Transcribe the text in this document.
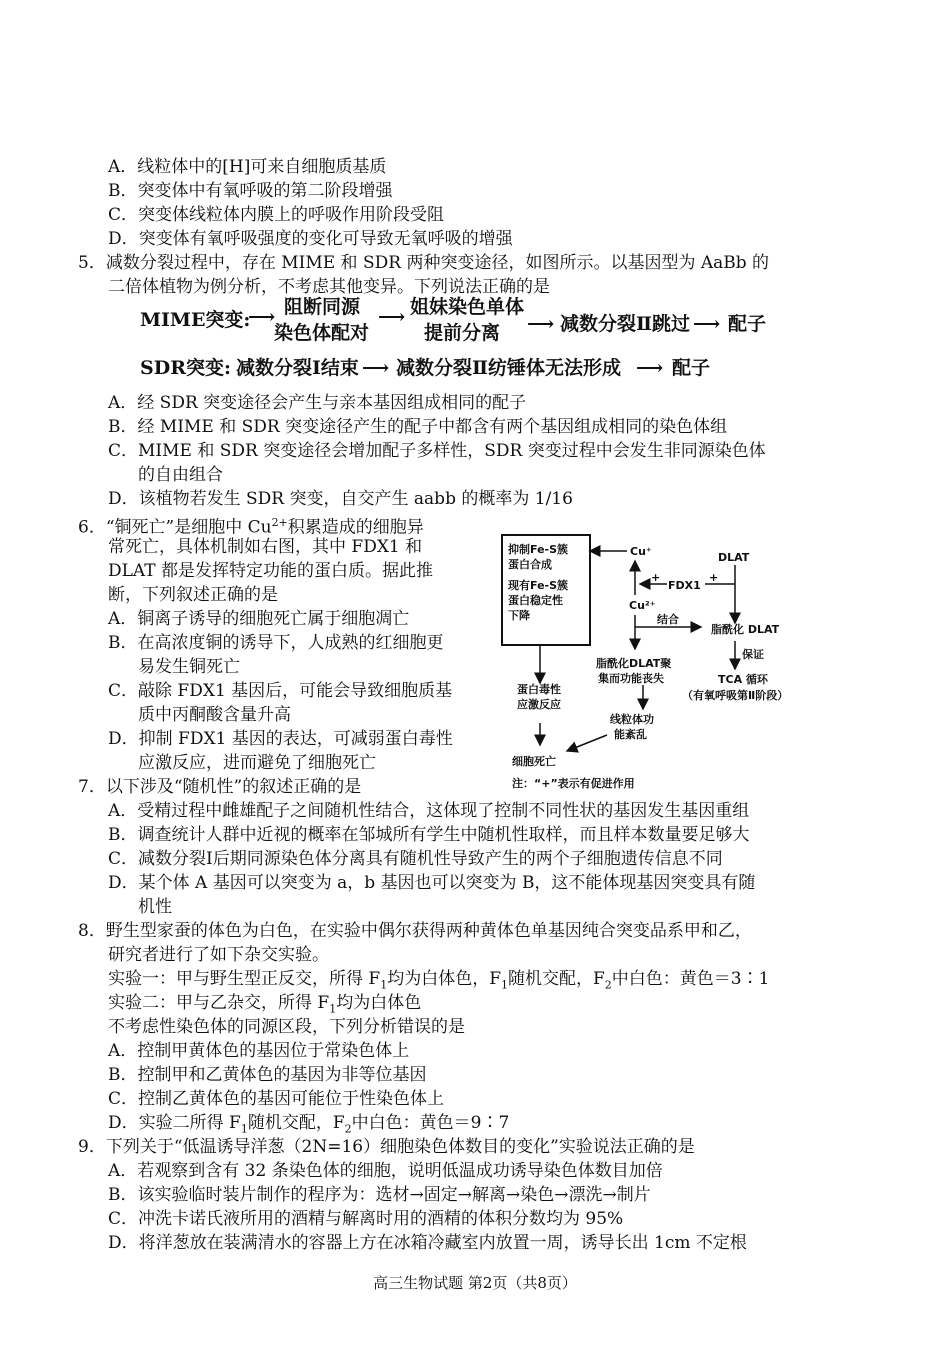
A．线粒体中的[H]可来自细胞质基质
B．突变体中有氧呼吸的第二阶段增强
C．突变体线粒体内膜上的呼吸作用阶段受阻
D．突变体有氧呼吸强度的变化可导致无氧呼吸的增强
5．减数分裂过程中，存在 MIME 和 SDR 两种突变途径，如图所示。以基因型为 AaBb 的
二倍体植物为例分析，不考虑其他变异。下列说法正确的是
MIME突变:
⟶ 阻断同源
染色体配对
⟶ 姐妹染色单体
提前分离 ⟶ 减数分裂Ⅱ跳过 ⟶ 配子
SDR突变: 减数分裂Ⅰ结束 ⟶ 减数分裂Ⅱ纺锤体无法形成 ⟶ 配子
A．经 SDR 突变途径会产生与亲本基因组成相同的配子
B．经 MIME 和 SDR 突变途径产生的配子中都含有两个基因组成相同的染色体组
C．MIME 和 SDR 突变途径会增加配子多样性，SDR 突变过程中会发生非同源染色体
的自由组合
D．该植物若发生 SDR 突变，自交产生 aabb 的概率为 1/16
6．“铜死亡”是细胞中 $Cu^{2+}$积累造成的细胞异
常死亡，具体机制如右图，其中 FDX1 和
DLAT 都是发挥特定功能的蛋白质。据此推
断，下列叙述正确的是
A．铜离子诱导的细胞死亡属于细胞凋亡
B．在高浓度铜的诱导下，人成熟的红细胞更
易发生铜死亡
C．敲除 FDX1 基因后，可能会导致细胞质基
质中丙酮酸含量升高
D．抑制 FDX1 基因的表达，可减弱蛋白毒性
应激反应，进而避免了细胞死亡
抑制Fe-S簇
蛋白合成
现有Fe-S簇
蛋白稳定性
下降
Cu⁺
Cu²⁺
+	+
FDX1
DLAT
结合
脂酰化 DLAT
保证
TCA 循环
（有氧呼吸第Ⅱ阶段）
脂酰化DLAT聚
集而功能丧失
蛋白毒性
应激反应
线粒体功
能紊乱
细胞死亡
注：“+”表示有促进作用
7．以下涉及“随机性”的叙述正确的是
A．受精过程中雌雄配子之间随机性结合，这体现了控制不同性状的基因发生基因重组
B．调查统计人群中近视的概率在邹城所有学生中随机性取样，而且样本数量要足够大
C．减数分裂Ⅰ后期同源染色体分离具有随机性导致产生的两个子细胞遗传信息不同
D．某个体 A 基因可以突变为 a，b 基因也可以突变为 B，这不能体现基因突变具有随
机性
8．野生型家蚕的体色为白色，在实验中偶尔获得两种黄体色单基因纯合突变品系甲和乙，
研究者进行了如下杂交实验。
实验一：甲与野生型正反交，所得 $F_1$均为白体色，$F_1$随机交配，$F_2$中白色：黄色＝3∶1
实验二：甲与乙杂交，所得 $F_1$均为白体色
不考虑性染色体的同源区段，下列分析错误的是
A．控制甲黄体色的基因位于常染色体上
B．控制甲和乙黄体色的基因为非等位基因
C．控制乙黄体色的基因可能位于性染色体上
D．实验二所得 $F_1$随机交配，$F_2$中白色：黄色＝9∶7
9．下列关于“低温诱导洋葱（2N=16）细胞染色体数目的变化”实验说法正确的是
A．若观察到含有 32 条染色体的细胞，说明低温成功诱导染色体数目加倍
B．该实验临时装片制作的程序为：选材→固定→解离→染色→漂洗→制片
C．冲洗卡诺氏液所用的酒精与解离时用的酒精的体积分数均为 95%
D．将洋葱放在装满清水的容器上方在冰箱冷藏室内放置一周，诱导长出 1cm 不定根
高三生物试题 第2页（共8页）
